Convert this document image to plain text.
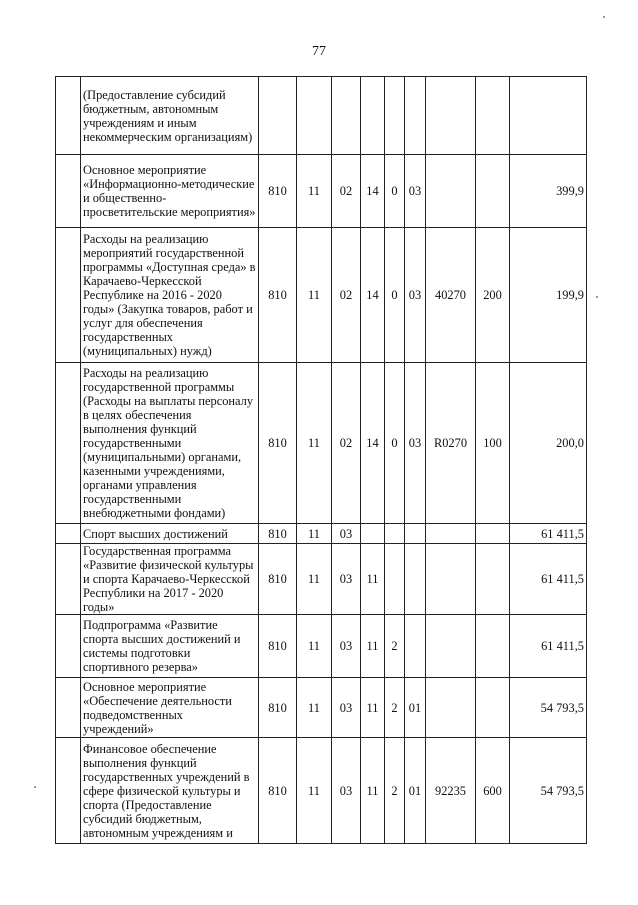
77
	(Предоставление субсидий бюджетным, автономным учреждениям и иным некоммерческим организациям)									
	Основное мероприятие «Информационно-методические и общественно-просветительские мероприятия»	810	11	02	14	0	03			399,9
	Расходы на реализацию мероприятий государственной программы «Доступная среда» в Карачаево-Черкесской Республике на 2016 - 2020 годы» (Закупка товаров, работ и услуг для обеспечения государственных (муниципальных) нужд)	810	11	02	14	0	03	40270	200	199,9
	Расходы на реализацию государственной программы (Расходы на выплаты персоналу в целях обеспечения выполнения функций государственными (муниципальными) органами, казенными учреждениями, органами управления государственными внебюджетными фондами)	810	11	02	14	0	03	R0270	100	200,0
	Спорт высших достижений	810	11	03						61 411,5
	Государственная программа «Развитие физической культуры и спорта Карачаево-Черкесской Республики на 2017 - 2020 годы»	810	11	03	11					61 411,5
	Подпрограмма «Развитие спорта высших достижений и системы подготовки спортивного резерва»	810	11	03	11	2				61 411,5
	Основное мероприятие «Обеспечение деятельности подведомственных учреждений»	810	11	03	11	2	01			54 793,5
	Финансовое обеспечение выполнения функций государственных учреждений в сфере физической культуры и спорта (Предоставление субсидий бюджетным, автономным учреждениям и	810	11	03	11	2	01	92235	600	54 793,5
